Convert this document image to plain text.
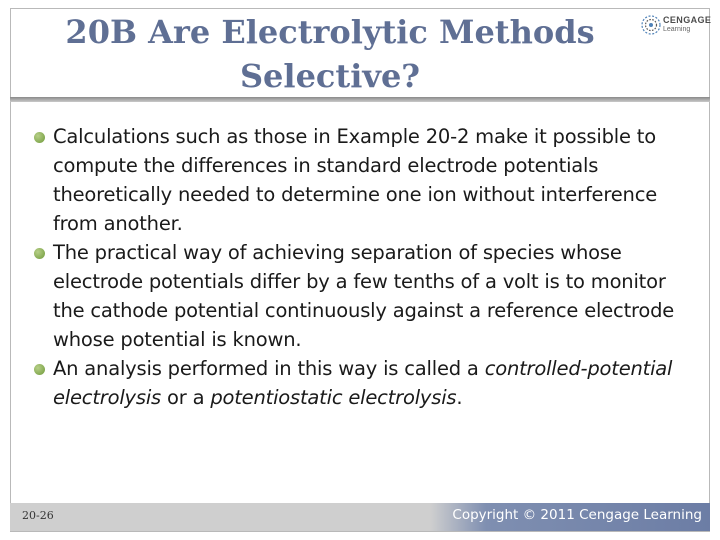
20B Are Electrolytic Methods Selective?
CENGAGE
Learning
Calculations such as those in Example 20-2 make it possible to compute the differences in standard electrode potentials theoretically needed to determine one ion without interference from another.
The practical way of achieving separation of species whose electrode potentials differ by a few tenths of a volt is to monitor the cathode potential continuously against a reference electrode whose potential is known.
An analysis performed in this way is called a controlled-potential electrolysis or a potentiostatic electrolysis.
20-26	Copyright © 2011 Cengage Learning
